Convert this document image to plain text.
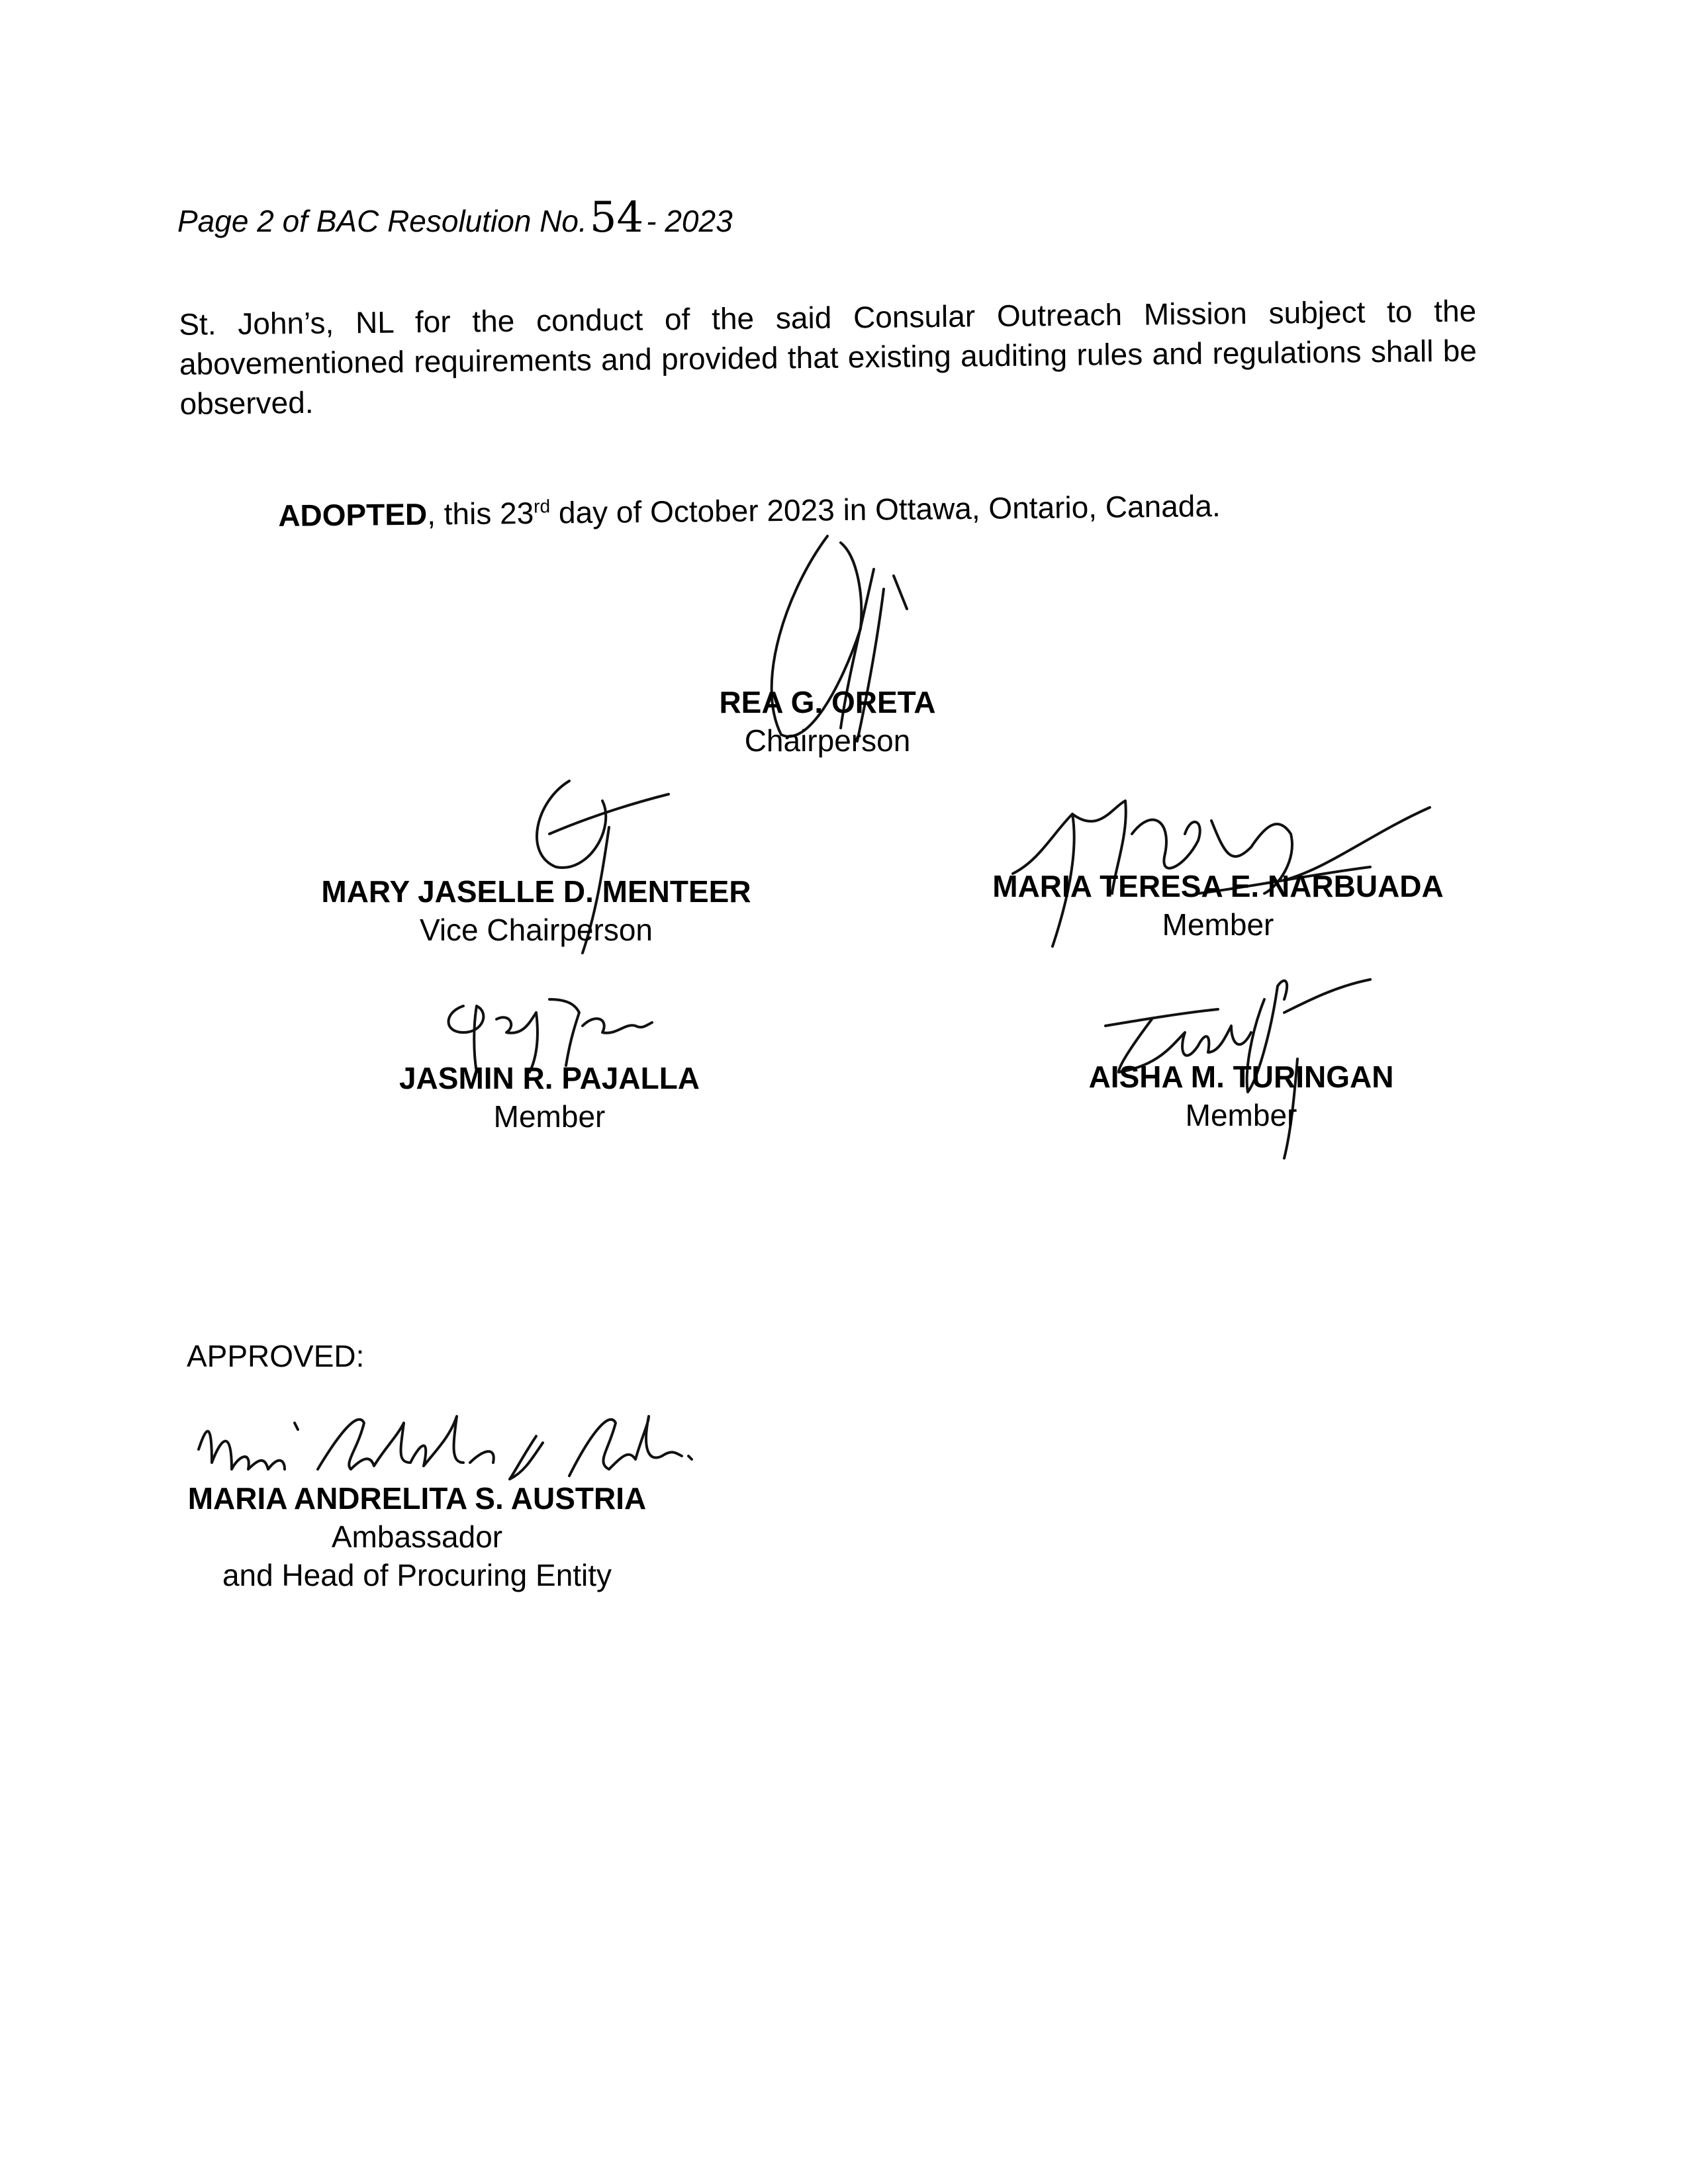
Page 2 of BAC Resolution No.54- 2023
St. John’s, NL for the conduct of the said Consular Outreach Mission subject to the abovementioned requirements and provided that existing auditing rules and regulations shall be observed.
ADOPTED, this 23rd day of October 2023 in Ottawa, Ontario, Canada.
REA G. ORETA
Chairperson
MARY JASELLE D. MENTEER
Vice Chairperson
MARIA TERESA E. NARBUADA
Member
JASMIN R. PAJALLA
Member
AISHA M. TURINGAN
Member
APPROVED:
MARIA ANDRELITA S. AUSTRIA
Ambassador
and Head of Procuring Entity
